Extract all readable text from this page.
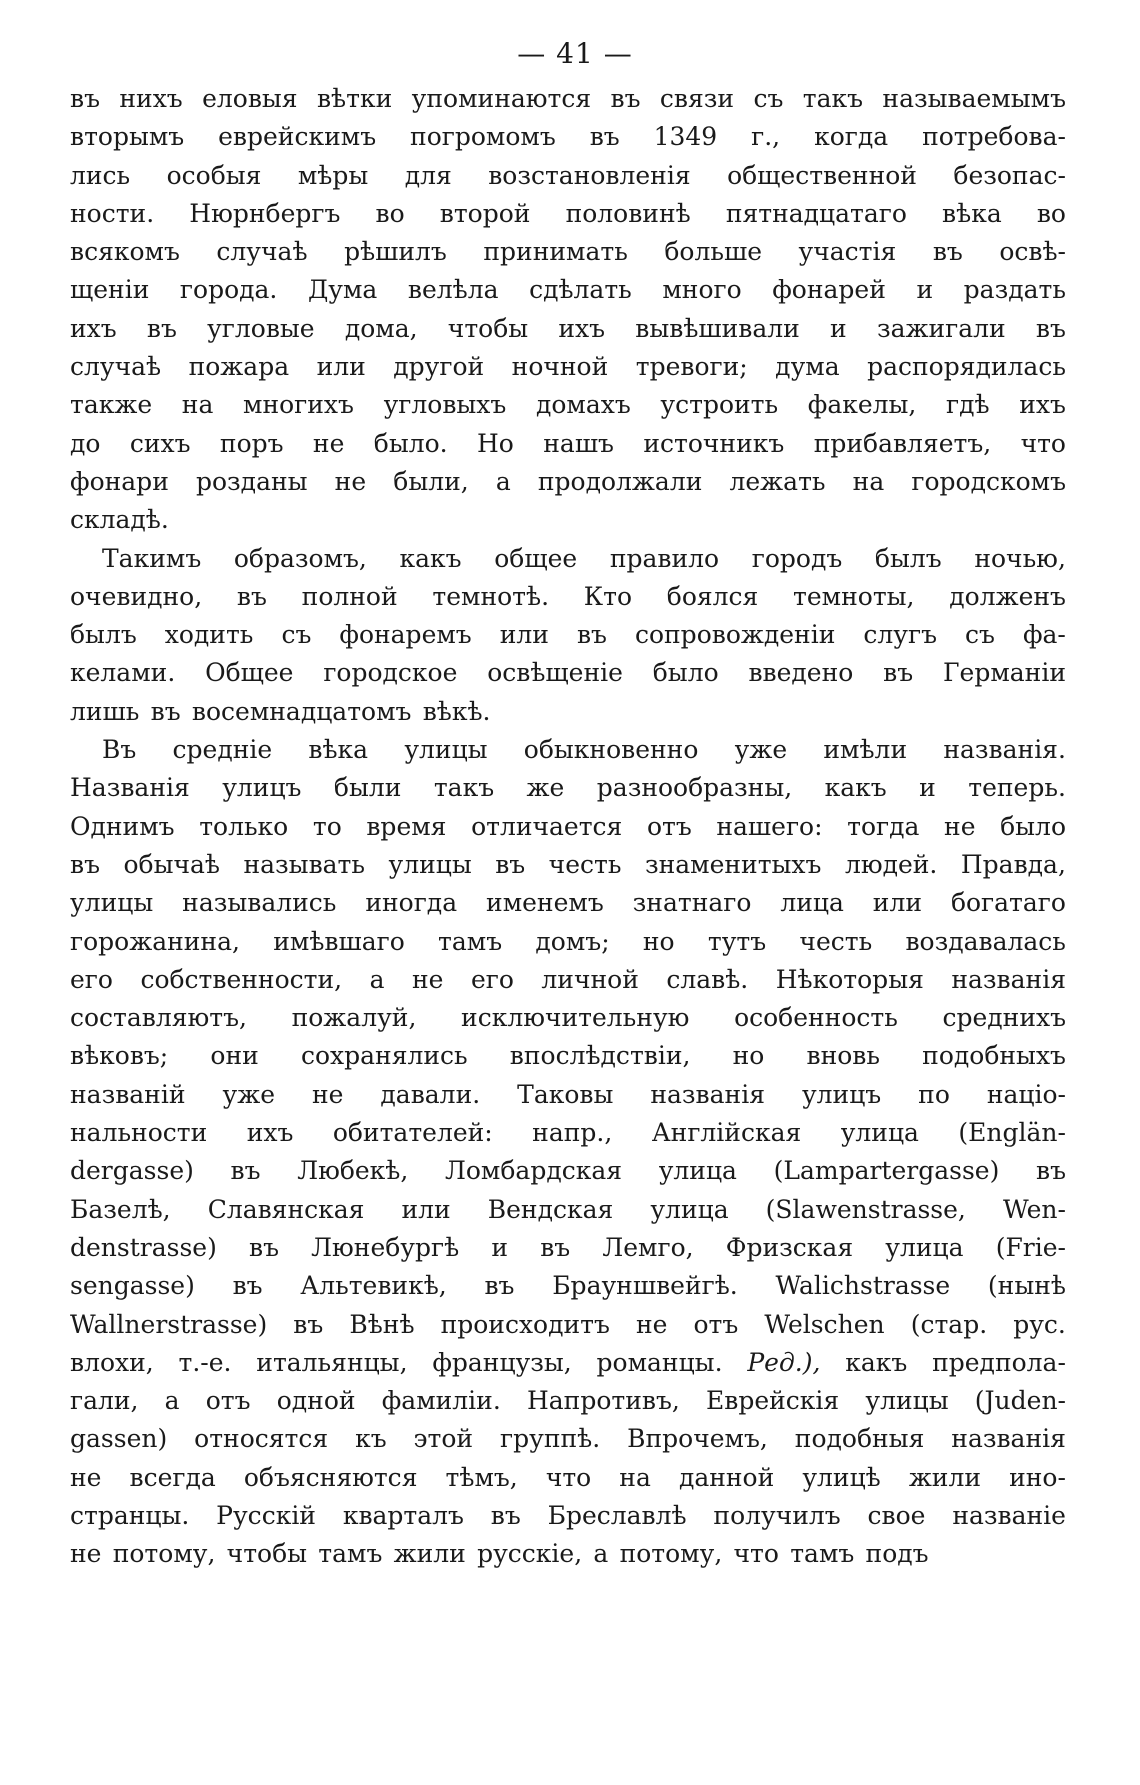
— 41 —
въ нихъ еловыя вѣтки упоминаются въ связи съ такъ называемымъ
вторымъ еврейскимъ погромомъ въ 1349 г., когда потребова-
лись особыя мѣры для возстановленія общественной безопас-
ности. Нюрнбергъ во второй половинѣ пятнадцатаго вѣка во
всякомъ случаѣ рѣшилъ принимать больше участія въ освѣ-
щеніи города. Дума велѣла сдѣлать много фонарей и раздать
ихъ въ угловые дома, чтобы ихъ вывѣшивали и зажигали въ
случаѣ пожара или другой ночной тревоги; дума распорядилась
также на многихъ угловыхъ домахъ устроить факелы, гдѣ ихъ
до сихъ поръ не было. Но нашъ источникъ прибавляетъ, что
фонари розданы не были, а продолжали лежать на городскомъ
складѣ.
Такимъ образомъ, какъ общее правило городъ былъ ночью,
очевидно, въ полной темнотѣ. Кто боялся темноты, долженъ
былъ ходить съ фонаремъ или въ сопровожденіи слугъ съ фа-
келами. Общее городское освѣщеніе было введено въ Германіи
лишь въ восемнадцатомъ вѣкѣ.
Въ средніе вѣка улицы обыкновенно уже имѣли названія.
Названія улицъ были такъ же разнообразны, какъ и теперь.
Однимъ только то время отличается отъ нашего: тогда не было
въ обычаѣ называть улицы въ честь знаменитыхъ людей. Правда,
улицы назывались иногда именемъ знатнаго лица или богатаго
горожанина, имѣвшаго тамъ домъ; но тутъ честь воздавалась
его собственности, а не его личной славѣ. Нѣкоторыя названія
составляютъ, пожалуй, исключительную особенность среднихъ
вѣковъ; они сохранялись впослѣдствіи, но вновь подобныхъ
названій уже не давали. Таковы названія улицъ по націо-
нальности ихъ обитателей: напр., Англійская улица (Englän-
dergasse) въ Любекѣ, Ломбардская улица (Lampartergasse) въ
Базелѣ, Славянская или Вендская улица (Slawenstrasse, Wen-
denstrasse) въ Люнебургѣ и въ Лемго, Фризская улица (Frie-
sengasse) въ Альтевикѣ, въ Брауншвейгѣ. Walichstrasse (нынѣ
Wallnerstrasse) въ Вѣнѣ происходитъ не отъ Welschen (стар. рус.
влохи, т.-е. итальянцы, французы, романцы. Ред.), какъ предпола-
гали, а отъ одной фамиліи. Напротивъ, Еврейскія улицы (Juden-
gassen) относятся къ этой группѣ. Впрочемъ, подобныя названія
не всегда объясняются тѣмъ, что на данной улицѣ жили ино-
странцы. Русскій кварталъ въ Бреславлѣ получилъ свое названіе
не потому, чтобы тамъ жили русскіе, а потому, что тамъ подъ
